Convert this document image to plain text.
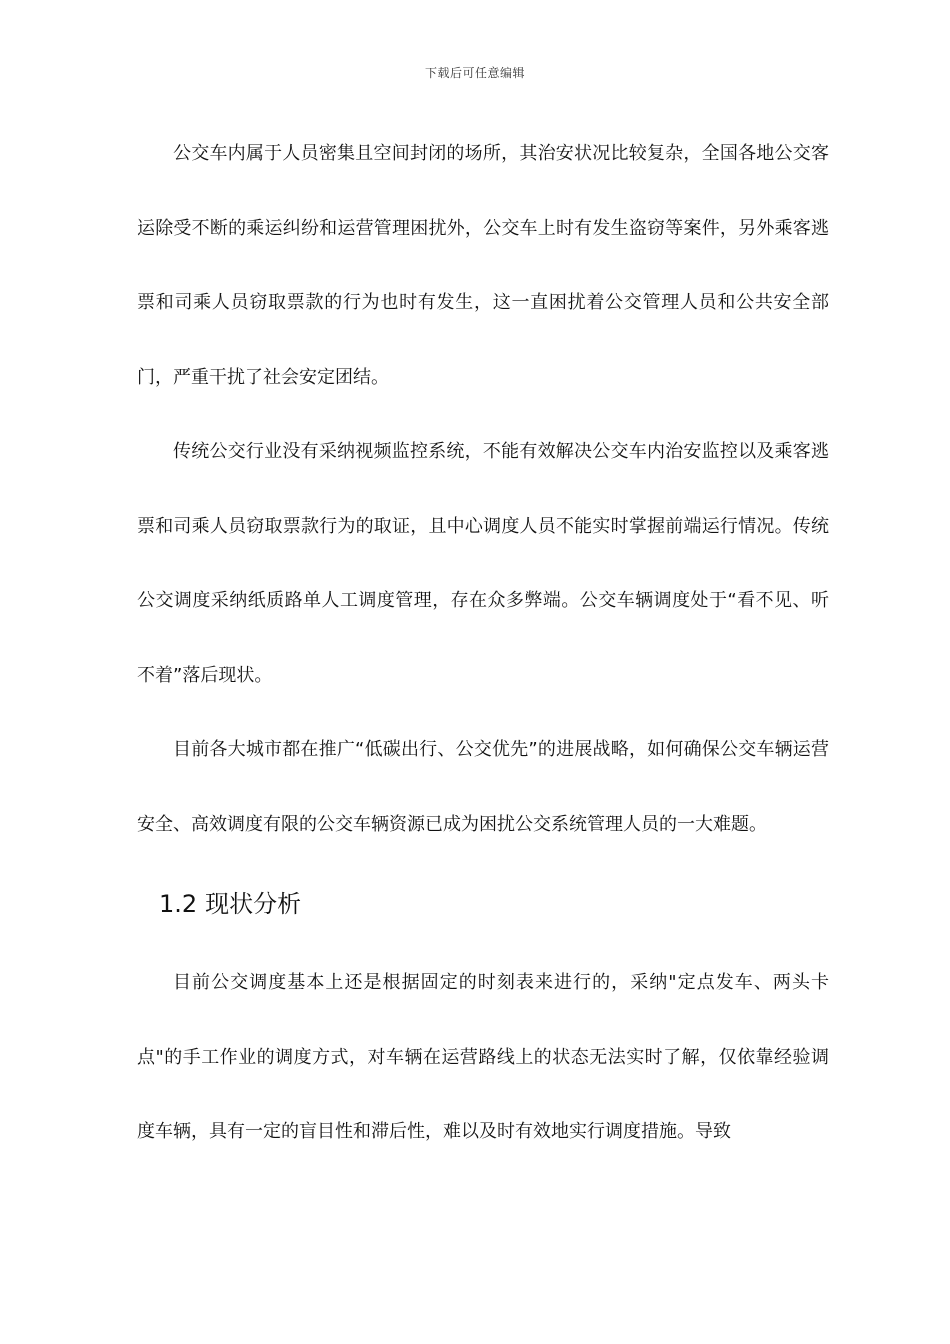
下载后可任意编辑

公交车内属于人员密集且空间封闭的场所，其治安状况比较复杂，全国各地公交客运除受不断的乘运纠纷和运营管理困扰外，公交车上时有发生盗窃等案件，另外乘客逃票和司乘人员窃取票款的行为也时有发生，这一直困扰着公交管理人员和公共安全部门，严重干扰了社会安定团结。

传统公交行业没有采纳视频监控系统，不能有效解决公交车内治安监控以及乘客逃票和司乘人员窃取票款行为的取证，且中心调度人员不能实时掌握前端运行情况。传统公交调度采纳纸质路单人工调度管理，存在众多弊端。公交车辆调度处于“看不见、听不着”落后现状。

目前各大城市都在推广“低碳出行、公交优先”的进展战略，如何确保公交车辆运营安全、高效调度有限的公交车辆资源已成为困扰公交系统管理人员的一大难题。

1.2 现状分析

目前公交调度基本上还是根据固定的时刻表来进行的，采纳"定点发车、两头卡点"的手工作业的调度方式，对车辆在运营路线上的状态无法实时了解，仅依靠经验调度车辆，具有一定的盲目性和滞后性，难以及时有效地实行调度措施。导致
